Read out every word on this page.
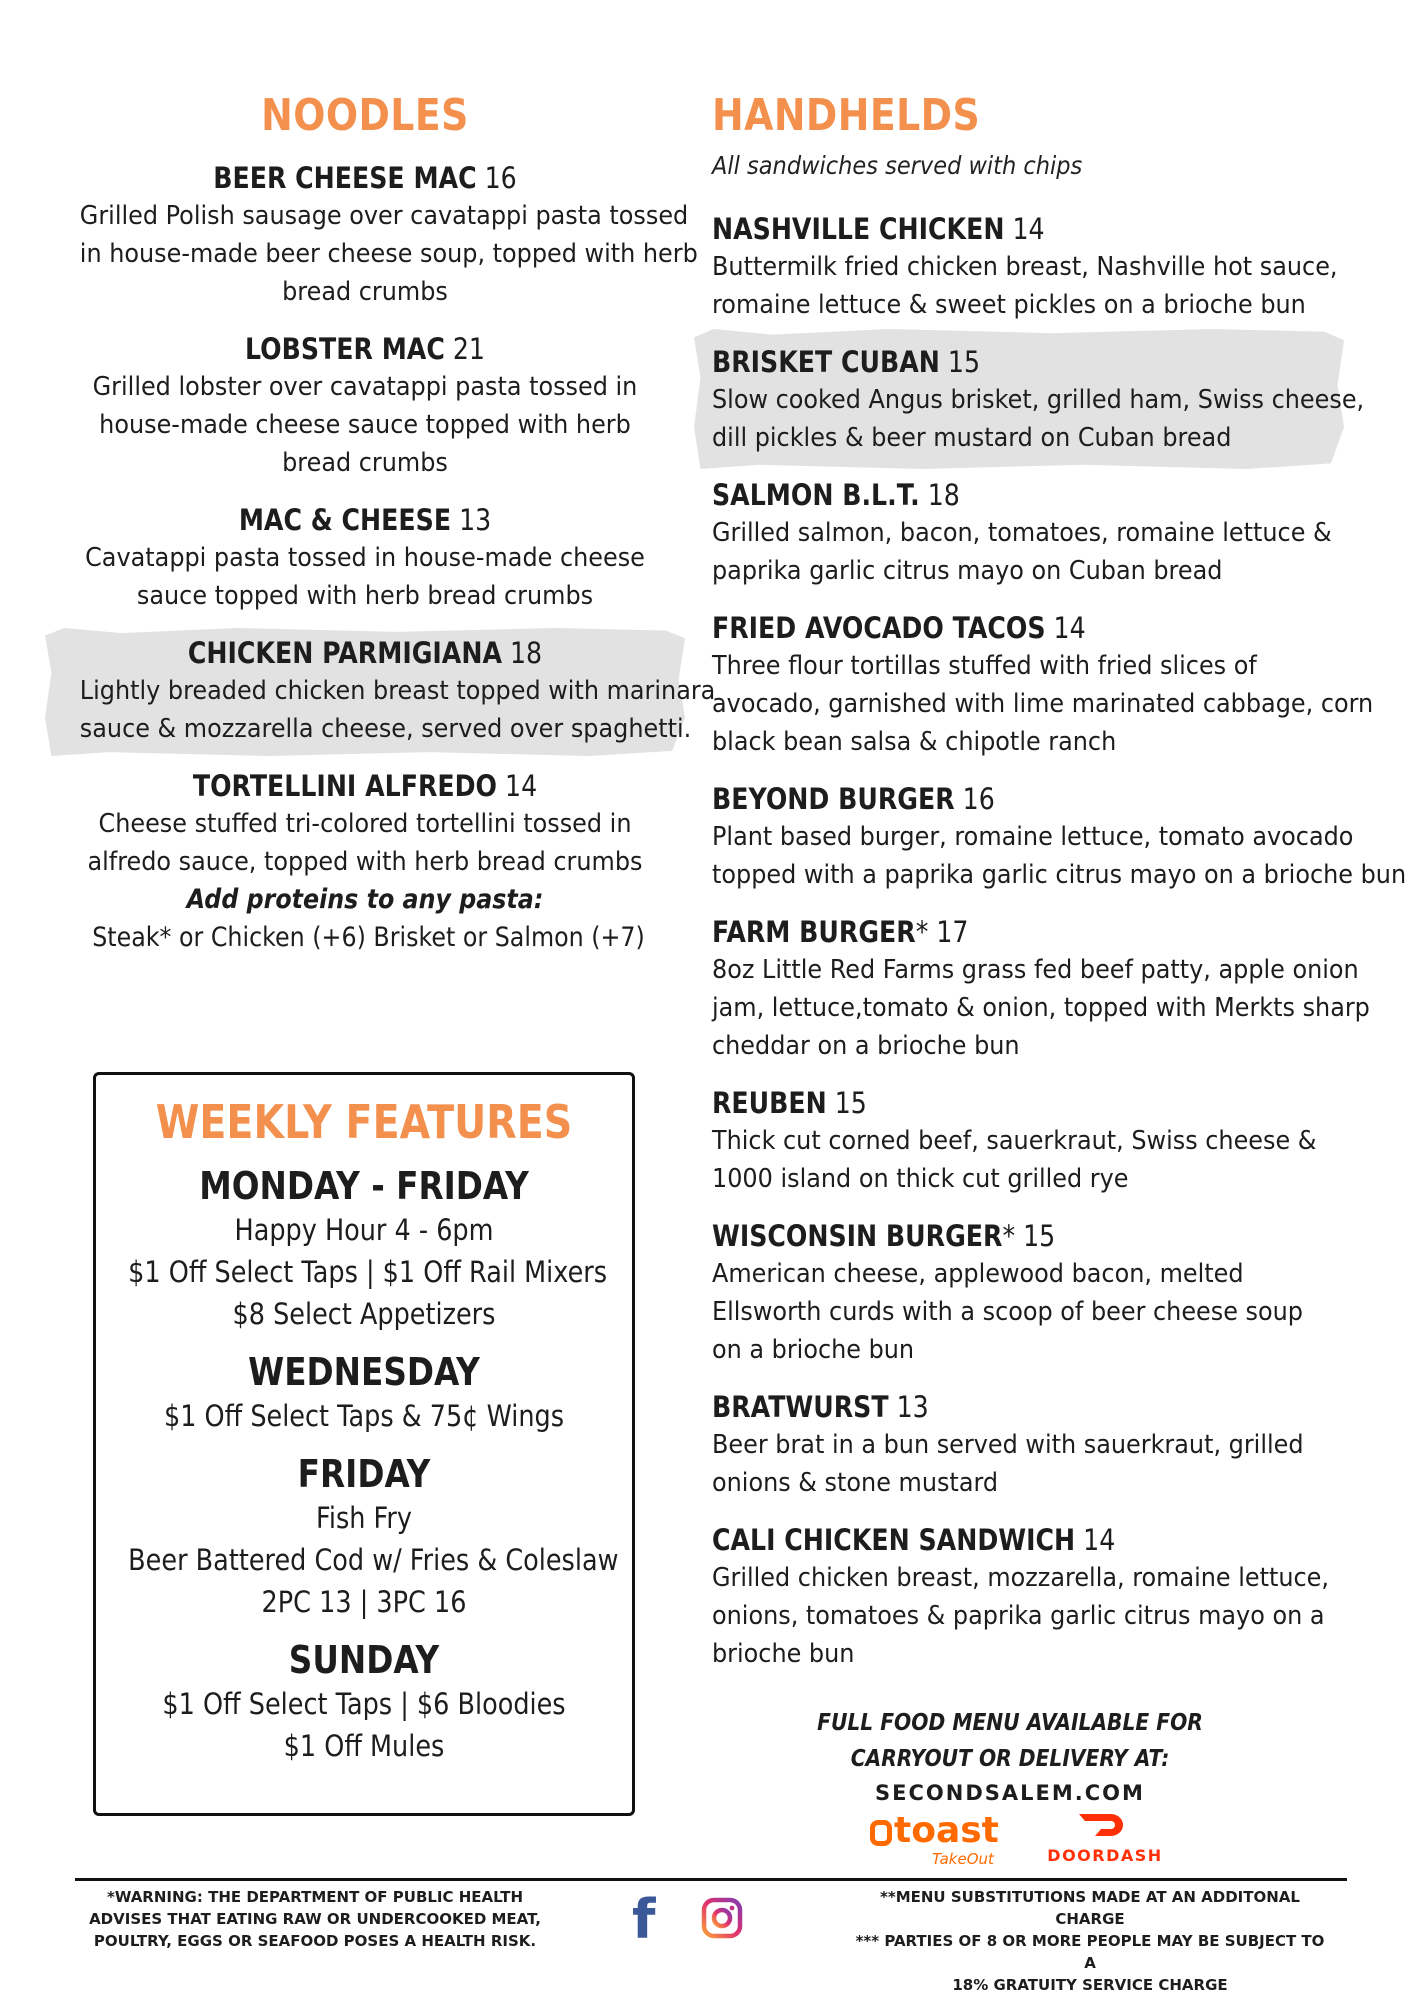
NOODLES
BEER CHEESE MAC 16
Grilled Polish sausage over cavatappi pasta tossed
in house-made beer cheese soup, topped with herb
bread crumbs
LOBSTER MAC 21
Grilled lobster over cavatappi pasta tossed in
house-made cheese sauce topped with herb
bread crumbs
MAC & CHEESE 13
Cavatappi pasta tossed in house-made cheese
sauce topped with herb bread crumbs
CHICKEN PARMIGIANA 18
Lightly breaded chicken breast topped with marinara
sauce & mozzarella cheese, served over spaghetti.
TORTELLINI ALFREDO 14
Cheese stuffed tri-colored tortellini tossed in
alfredo sauce, topped with herb bread crumbs
Add proteins to any pasta:
Steak* or Chicken (+6) Brisket or Salmon (+7)
WEEKLY FEATURES
MONDAY - FRIDAY
Happy Hour 4 - 6pm
$1 Off Select Taps | $1 Off Rail Mixers
$8 Select Appetizers
WEDNESDAY
$1 Off Select Taps & 75¢ Wings
FRIDAY
Fish Fry
Beer Battered Cod w/ Fries & Coleslaw
2PC 13 | 3PC 16
SUNDAY
$1 Off Select Taps | $6 Bloodies
$1 Off Mules
HANDHELDS
All sandwiches served with chips
NASHVILLE CHICKEN 14
Buttermilk fried chicken breast, Nashville hot sauce,
romaine lettuce & sweet pickles on a brioche bun
BRISKET CUBAN 15
Slow cooked Angus brisket, grilled ham, Swiss cheese,
dill pickles & beer mustard on Cuban bread
SALMON B.L.T. 18
Grilled salmon, bacon, tomatoes, romaine lettuce &
paprika garlic citrus mayo on Cuban bread
FRIED AVOCADO TACOS 14
Three flour tortillas stuffed with fried slices of
avocado, garnished with lime marinated cabbage, corn
black bean salsa & chipotle ranch
BEYOND BURGER 16
Plant based burger, romaine lettuce, tomato avocado
topped with a paprika garlic citrus mayo on a brioche bun
FARM BURGER* 17
8oz Little Red Farms grass fed beef patty, apple onion
jam, lettuce,tomato & onion, topped with Merkts sharp
cheddar on a brioche bun
REUBEN 15
Thick cut corned beef, sauerkraut, Swiss cheese &
1000 island on thick cut grilled rye
WISCONSIN BURGER* 15
American cheese, applewood bacon, melted
Ellsworth curds with a scoop of beer cheese soup
on a brioche bun
BRATWURST 13
Beer brat in a bun served with sauerkraut, grilled
onions & stone mustard
CALI CHICKEN SANDWICH 14
Grilled chicken breast, mozzarella, romaine lettuce,
onions, tomatoes & paprika garlic citrus mayo on a
brioche bun
FULL FOOD MENU AVAILABLE FOR
CARRYOUT OR DELIVERY AT:
SECONDSALEM.COM
toast
TakeOut	DOORDASH
*WARNING: THE DEPARTMENT OF PUBLIC HEALTH
ADVISES THAT EATING RAW OR UNDERCOOKED MEAT,
POULTRY, EGGS OR SEAFOOD POSES A HEALTH RISK.	f	**MENU SUBSTITUTIONS MADE AT AN ADDITONAL CHARGE
*** PARTIES OF 8 OR MORE PEOPLE MAY BE SUBJECT TO A
18% GRATUITY SERVICE CHARGE
